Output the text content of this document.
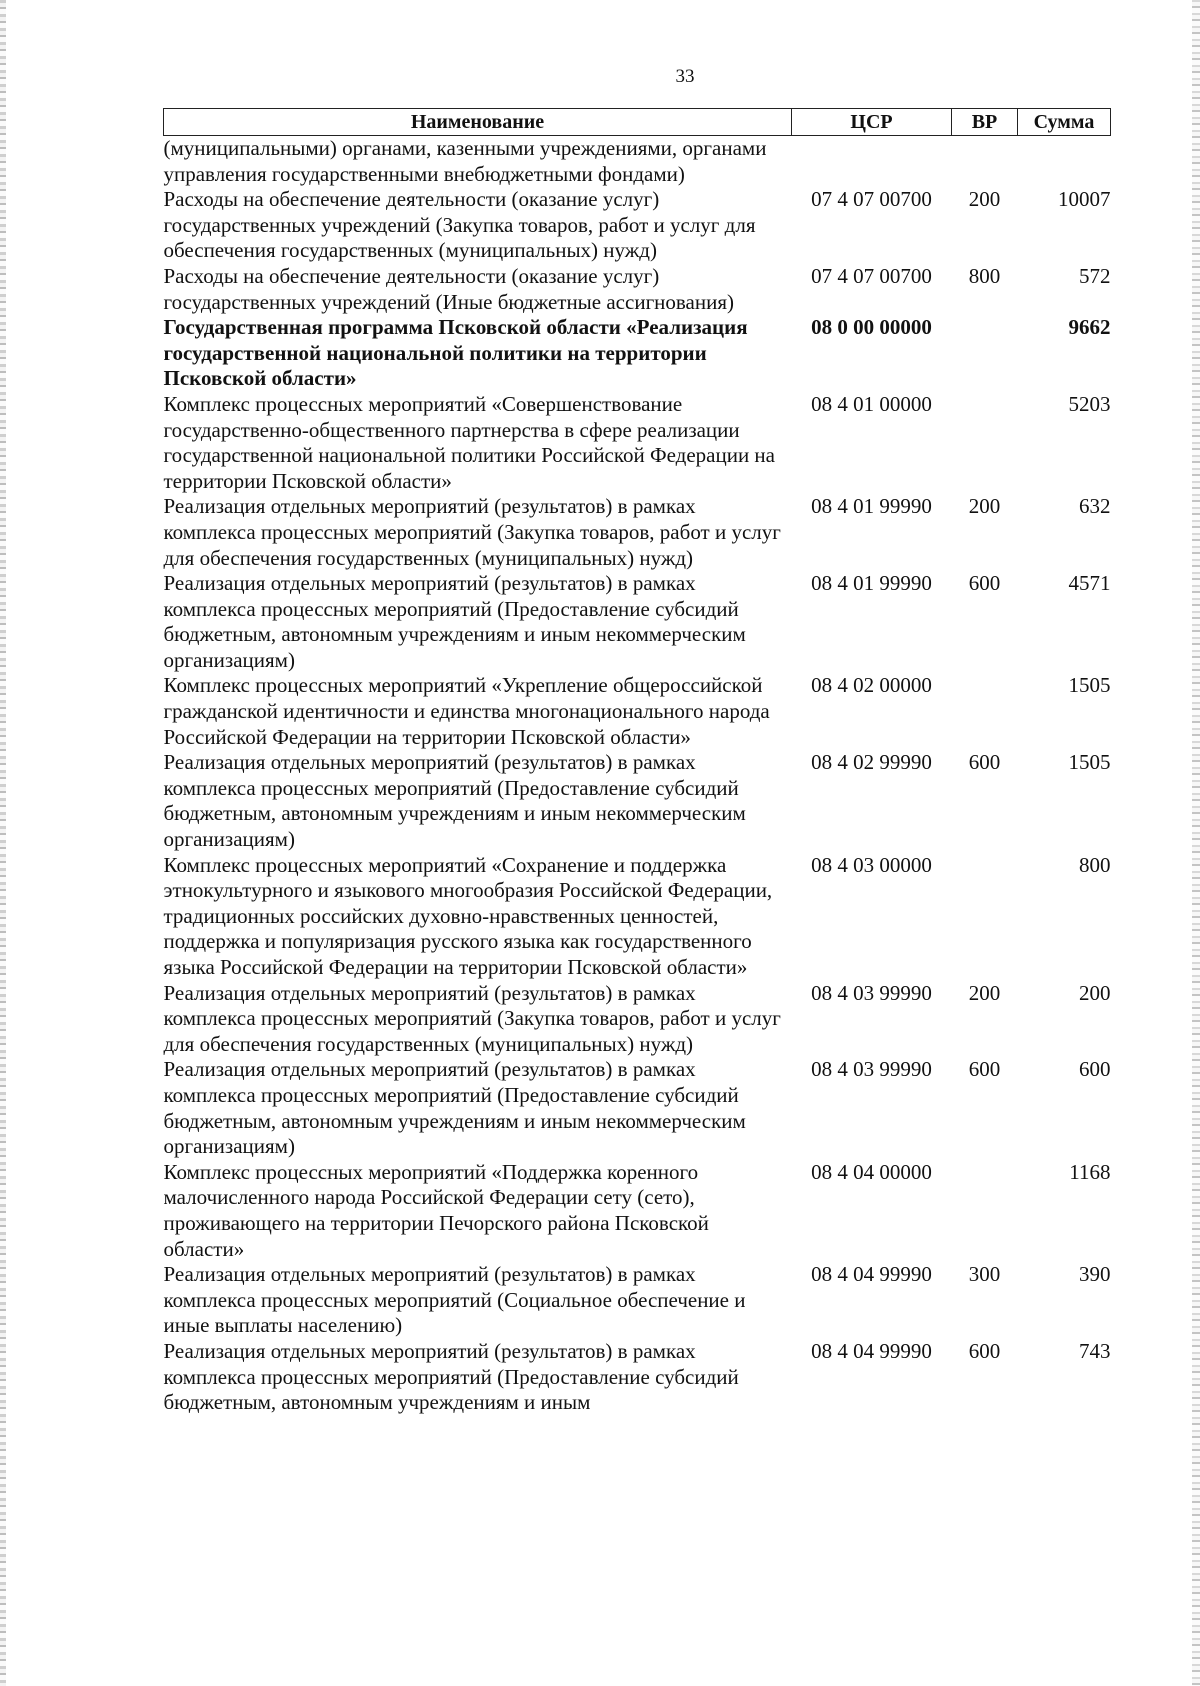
33
Наименование	ЦСР	ВР	Сумма
(муниципальными) органами, казенными учреждениями, органами управления государственными внебюджетными фондами)			
Расходы на обеспечение деятельности (оказание услуг) государственных учреждений (Закупка товаров, работ и услуг для обеспечения государственных (муниципальных) нужд)	07 4 07 00700	200	10007
Расходы на обеспечение деятельности (оказание услуг) государственных учреждений (Иные бюджетные ассигнования)	07 4 07 00700	800	572
Государственная программа Псковской области «Реализация государственной национальной политики на территории Псковской области»	08 0 00 00000		9662
Комплекс процессных мероприятий «Совершенствование государственно-общественного партнерства в сфере реализации государственной национальной политики Российской Федерации на территории Псковской области»	08 4 01 00000		5203
Реализация отдельных мероприятий (результатов) в рамках комплекса процессных мероприятий (Закупка товаров, работ и услуг для обеспечения государственных (муниципальных) нужд)	08 4 01 99990	200	632
Реализация отдельных мероприятий (результатов) в рамках комплекса процессных мероприятий (Предоставление субсидий бюджетным, автономным учреждениям и иным некоммерческим организациям)	08 4 01 99990	600	4571
Комплекс процессных мероприятий «Укрепление общероссийской гражданской идентичности и единства многонационального народа Российской Федерации на территории Псковской области»	08 4 02 00000		1505
Реализация отдельных мероприятий (результатов) в рамках комплекса процессных мероприятий (Предоставление субсидий бюджетным, автономным учреждениям и иным некоммерческим организациям)	08 4 02 99990	600	1505
Комплекс процессных мероприятий «Сохранение и поддержка этнокультурного и языкового многообразия Российской Федерации, традиционных российских духовно-нравственных ценностей, поддержка и популяризация русского языка как государственного языка Российской Федерации на территории Псковской области»	08 4 03 00000		800
Реализация отдельных мероприятий (результатов) в рамках комплекса процессных мероприятий (Закупка товаров, работ и услуг для обеспечения государственных (муниципальных) нужд)	08 4 03 99990	200	200
Реализация отдельных мероприятий (результатов) в рамках комплекса процессных мероприятий (Предоставление субсидий бюджетным, автономным учреждениям и иным некоммерческим организациям)	08 4 03 99990	600	600
Комплекс процессных мероприятий «Поддержка коренного малочисленного народа Российской Федерации сету (сето), проживающего на территории Печорского района Псковской области»	08 4 04 00000		1168
Реализация отдельных мероприятий (результатов) в рамках комплекса процессных мероприятий (Социальное обеспечение и иные выплаты населению)	08 4 04 99990	300	390
Реализация отдельных мероприятий (результатов) в рамках комплекса процессных мероприятий (Предоставление субсидий бюджетным, автономным учреждениям и иным	08 4 04 99990	600	743
